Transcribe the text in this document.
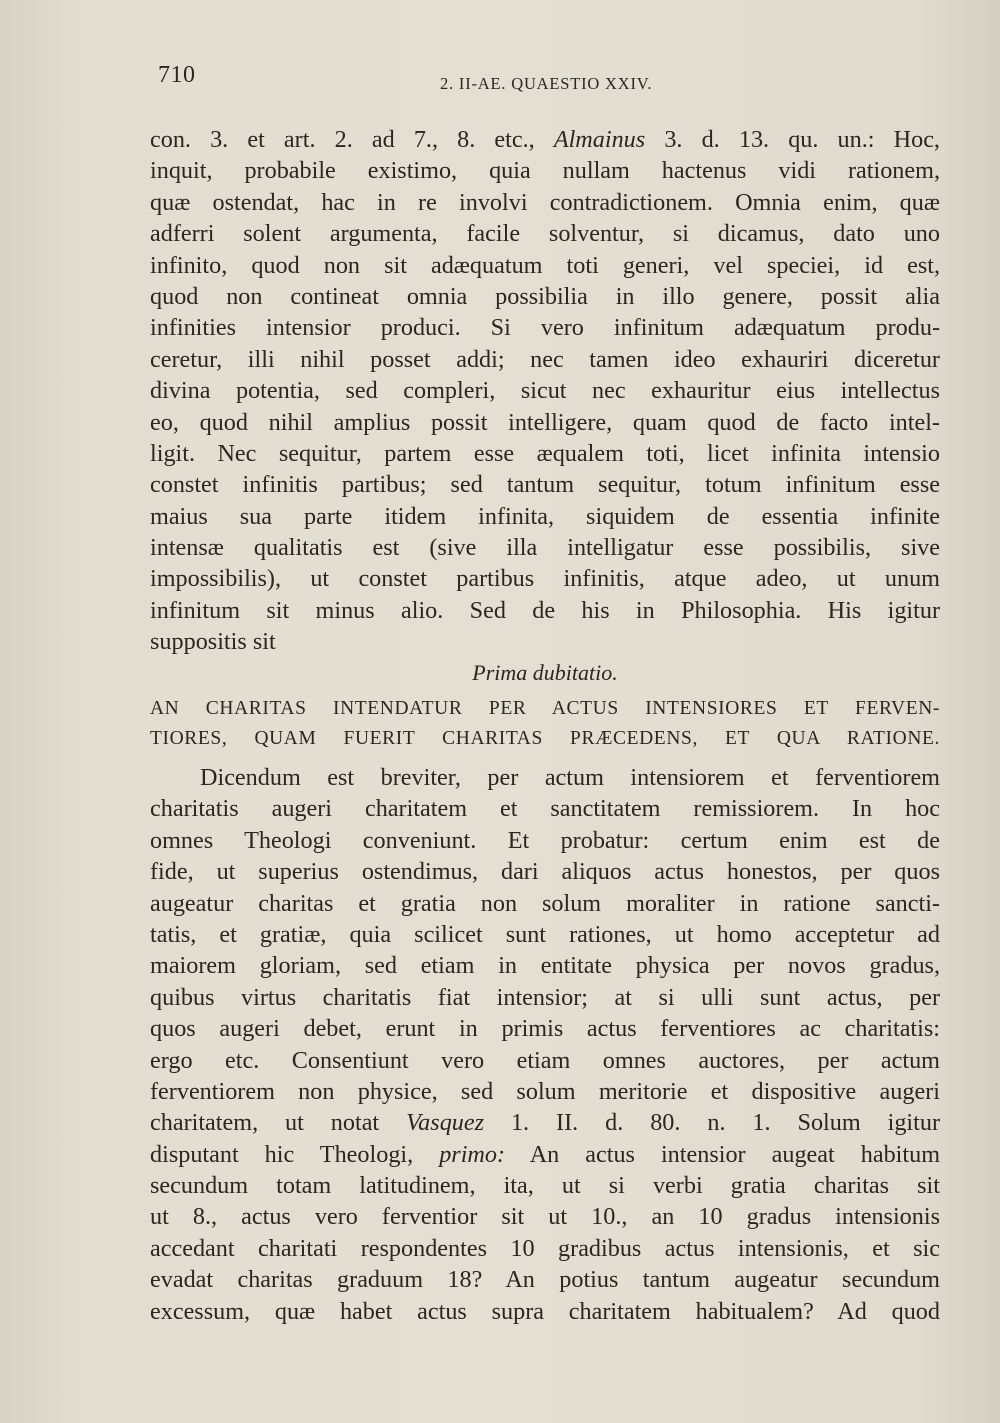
710	2. II-AE. QUAESTIO XXIV.
con. 3. et art. 2. ad 7., 8. etc., Almainus 3. d. 13. qu. un.: Hoc,
inquit, probabile existimo, quia nullam hactenus vidi rationem,
quæ ostendat, hac in re involvi contradictionem. Omnia enim, quæ
adferri solent argumenta, facile solventur, si dicamus, dato uno
infinito, quod non sit adæquatum toti generi, vel speciei, id est,
quod non contineat omnia possibilia in illo genere, possit alia
infinities intensior produci. Si vero infinitum adæquatum produ-
ceretur, illi nihil posset addi; nec tamen ideo exhauriri diceretur
divina potentia, sed compleri, sicut nec exhauritur eius intellectus
eo, quod nihil amplius possit intelligere, quam quod de facto intel-
ligit. Nec sequitur, partem esse æqualem toti, licet infinita intensio
constet infinitis partibus; sed tantum sequitur, totum infinitum esse
maius sua parte itidem infinita, siquidem de essentia infinite
intensæ qualitatis est (sive illa intelligatur esse possibilis, sive
impossibilis), ut constet partibus infinitis, atque adeo, ut unum
infinitum sit minus alio. Sed de his in Philosophia. His igitur
suppositis sit
Prima dubitatio.
AN CHARITAS INTENDATUR PER ACTUS INTENSIORES ET FERVEN-
TIORES, QUAM FUERIT CHARITAS PRÆCEDENS, ET QUA RATIONE.
Dicendum est breviter, per actum intensiorem et ferventiorem
charitatis augeri charitatem et sanctitatem remissiorem. In hoc
omnes Theologi conveniunt. Et probatur: certum enim est de
fide, ut superius ostendimus, dari aliquos actus honestos, per quos
augeatur charitas et gratia non solum moraliter in ratione sancti-
tatis, et gratiæ, quia scilicet sunt rationes, ut homo acceptetur ad
maiorem gloriam, sed etiam in entitate physica per novos gradus,
quibus virtus charitatis fiat intensior; at si ulli sunt actus, per
quos augeri debet, erunt in primis actus ferventiores ac charitatis:
ergo etc. Consentiunt vero etiam omnes auctores, per actum
ferventiorem non physice, sed solum meritorie et dispositive augeri
charitatem, ut notat Vasquez 1. II. d. 80. n. 1. Solum igitur
disputant hic Theologi, primo: An actus intensior augeat habitum
secundum totam latitudinem, ita, ut si verbi gratia charitas sit
ut 8., actus vero ferventior sit ut 10., an 10 gradus intensionis
accedant charitati respondentes 10 gradibus actus intensionis, et sic
evadat charitas graduum 18? An potius tantum augeatur secundum
excessum, quæ habet actus supra charitatem habitualem? Ad quod
